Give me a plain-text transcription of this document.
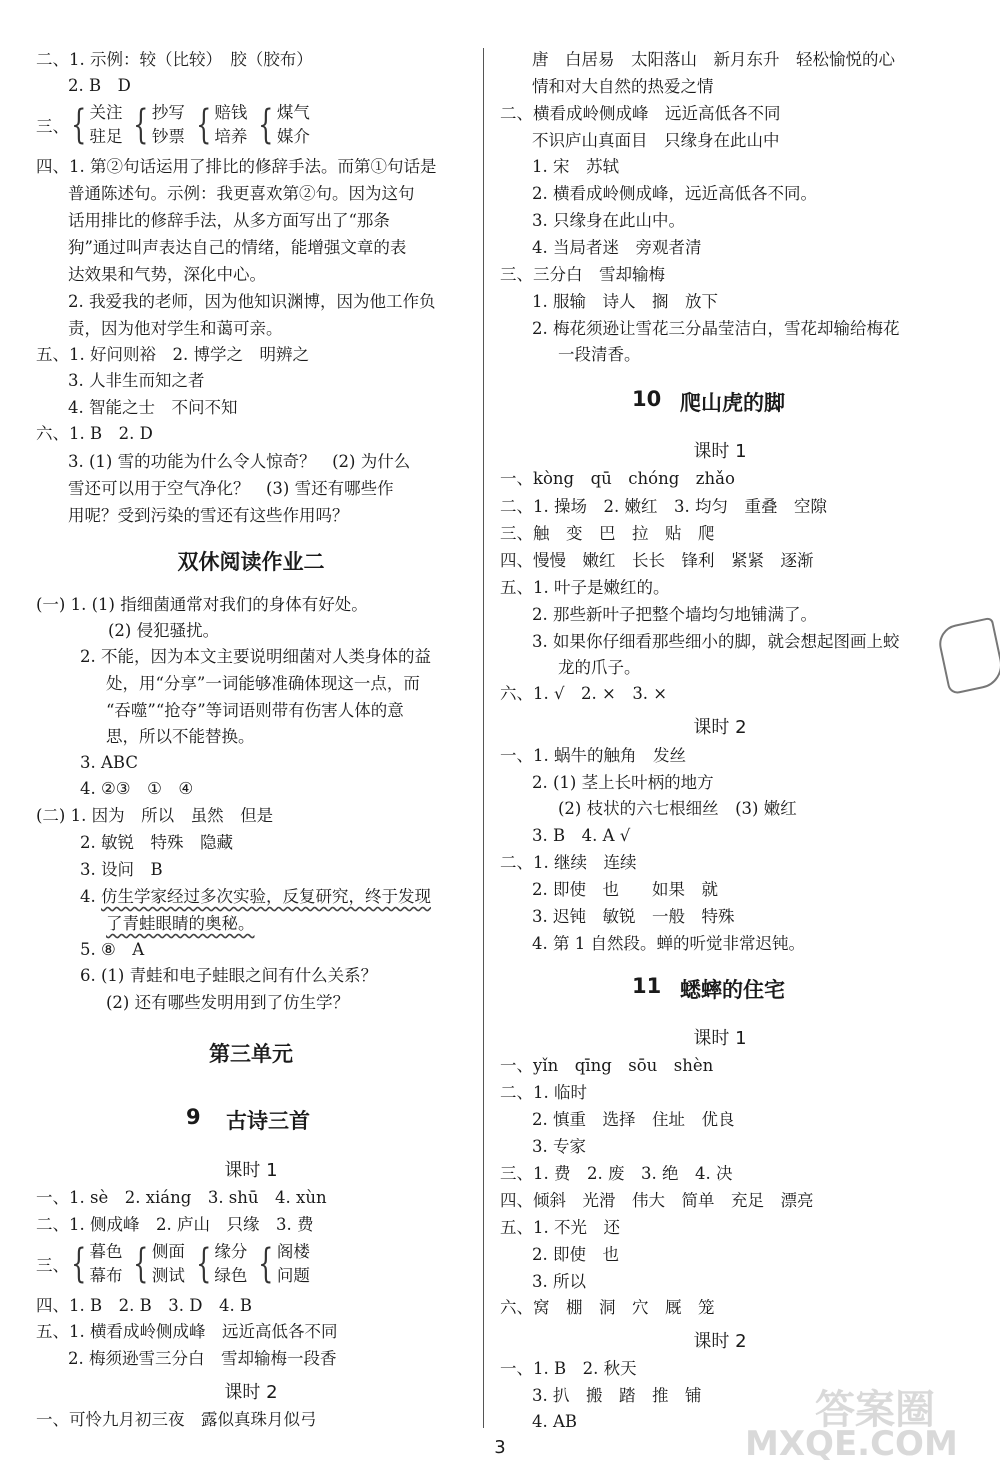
二、1. 示例：较（比较）　胶（胶布）
2. B　D
三、 { 关注
驻足 { 抄写
钞票 { 赔钱
培养 { 煤气
媒介
四、1. 第②句话运用了排比的修辞手法。而第①句话是
普通陈述句。示例：我更喜欢第②句。因为这句
话用排比的修辞手法，从多方面写出了“那条
狗”通过叫声表达自己的情绪，能增强文章的表
达效果和气势，深化中心。
2. 我爱我的老师，因为他知识渊博，因为他工作负
责，因为他对学生和蔼可亲。
五、1. 好问则裕　2. 博学之　明辨之
3. 人非生而知之者
4. 智能之士　不问不知
六、1. B　2. D
3. (1) 雪的功能为什么令人惊奇？　(2) 为什么
雪还可以用于空气净化？　(3) 雪还有哪些作
用呢？受到污染的雪还有这些作用吗？
双休阅读作业二
(一) 1. (1) 指细菌通常对我们的身体有好处。
(2) 侵犯骚扰。
2. 不能，因为本文主要说明细菌对人类身体的益
处，用“分享”一词能够准确体现这一点，而
“吞噬”“抢夺”等词语则带有伤害人体的意
思，所以不能替换。
3. ABC
4. ②③　①　④
(二) 1. 因为　所以　虽然　但是
2. 敏锐　特殊　隐藏
3. 设问　B
4. 仿生学家经过多次实验，反复研究，终于发现
了青蛙眼睛的奥秘。
5. ⑧　A
6. (1) 青蛙和电子蛙眼之间有什么关系？
(2) 还有哪些发明用到了仿生学？
第三单元
9 古诗三首
课时 1
一、1. sè　2. xiáng　3. shū　4. xùn
二、1. 侧成峰　2. 庐山　只缘　3. 费
三、 { 暮色
幕布 { 侧面
测试 { 缘分
绿色 { 阁楼
问题
四、1. B　2. B　3. D　4. B
五、1. 横看成岭侧成峰　远近高低各不同
2. 梅须逊雪三分白　雪却输梅一段香
课时 2
一、可怜九月初三夜　露似真珠月似弓
唐　白居易　太阳落山　新月东升　轻松愉悦的心
情和对大自然的热爱之情
二、横看成岭侧成峰　远近高低各不同
不识庐山真面目　只缘身在此山中
1. 宋　苏轼
2. 横看成岭侧成峰，远近高低各不同。
3. 只缘身在此山中。
4. 当局者迷　旁观者清
三、三分白　雪却输梅
1. 服输　诗人　搁　放下
2. 梅花须逊让雪花三分晶莹洁白，雪花却输给梅花
一段清香。
10 爬山虎的脚
课时 1
一、kòng　qū　chóng　zhǎo
二、1. 操场　2. 嫩红　3. 均匀　重叠　空隙
三、触　变　巴　拉　贴　爬
四、慢慢　嫩红　长长　锋利　紧紧　逐渐
五、1. 叶子是嫩红的。
2. 那些新叶子把整个墙均匀地铺满了。
3. 如果你仔细看那些细小的脚，就会想起图画上蛟
龙的爪子。
六、1. √　2. ×　3. ×
课时 2
一、1. 蜗牛的触角　发丝
2. (1) 茎上长叶柄的地方
(2) 枝状的六七根细丝　(3) 嫩红
3. B　4. A √
二、1. 继续　连续
2. 即使　也　　如果　就
3. 迟钝　敏锐　一般　特殊
4. 第 1 自然段。蝉的听觉非常迟钝。
11 蟋蟀的住宅
课时 1
一、yǐn　qīng　sōu　shèn
二、1. 临时
2. 慎重　选择　住址　优良
3. 专家
三、1. 费　2. 废　3. 绝　4. 决
四、倾斜　光滑　伟大　简单　充足　漂亮
五、1. 不光　还
2. 即使　也
3. 所以
六、窝　棚　洞　穴　厩　笼
课时 2
一、1. B　2. 秋天
3. 扒　搬　踏　推　铺
4. AB	答案圈
MXQE.COM
3
